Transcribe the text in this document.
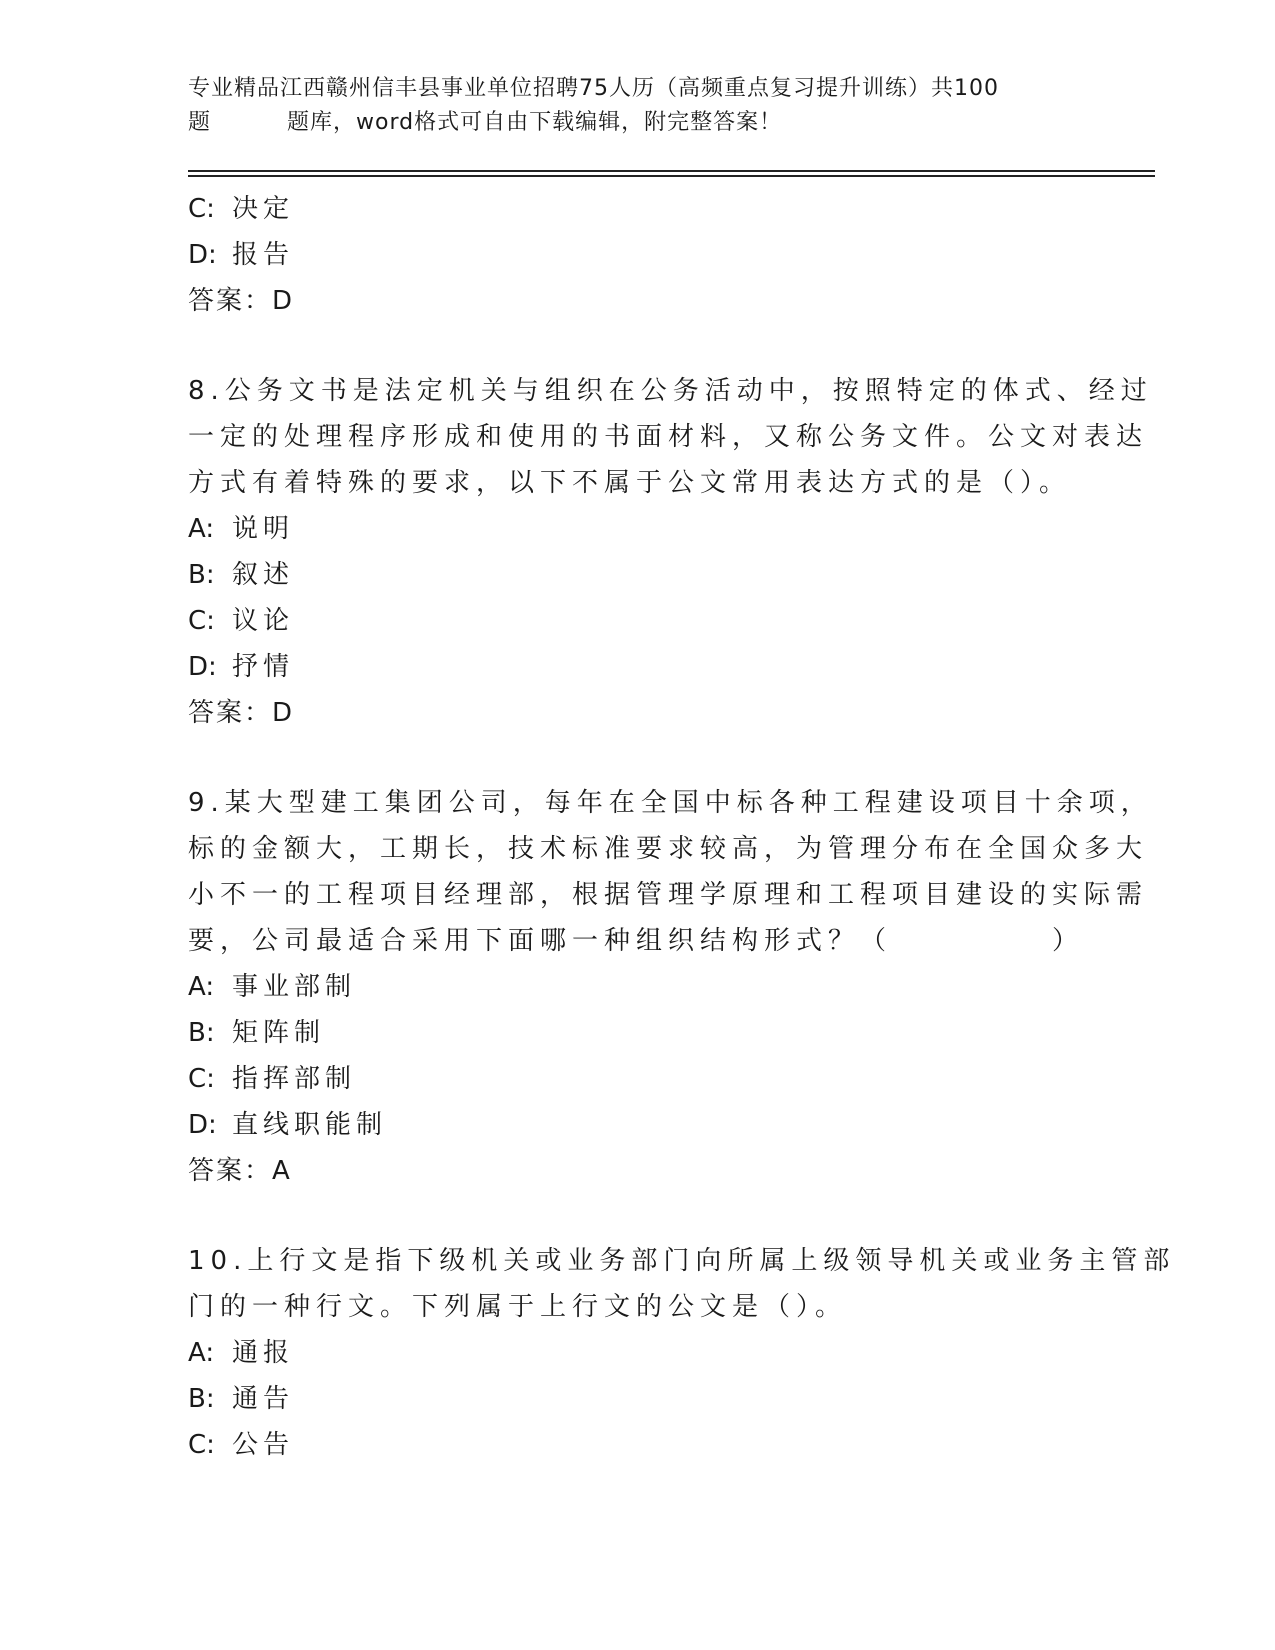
专业精品江西赣州信丰县事业单位招聘75人历（高频重点复习提升训练）共100
题	题库，word格式可自由下载编辑，附完整答案！
C: 决定
D: 报告
答案：D
8.公务文书是法定机关与组织在公务活动中，按照特定的体式、经过
一定的处理程序形成和使用的书面材料，又称公务文件。公文对表达
方式有着特殊的要求，以下不属于公文常用表达方式的是（）。
A: 说明
B: 叙述
C: 议论
D: 抒情
答案：D
9.某大型建工集团公司，每年在全国中标各种工程建设项目十余项，
标的金额大，工期长，技术标准要求较高，为管理分布在全国众多大
小不一的工程项目经理部，根据管理学原理和工程项目建设的实际需
要，公司最适合采用下面哪一种组织结构形式？（　　　　　）
A: 事业部制
B: 矩阵制
C: 指挥部制
D: 直线职能制
答案：A
10.上行文是指下级机关或业务部门向所属上级领导机关或业务主管部
门的一种行文。下列属于上行文的公文是（）。
A: 通报
B: 通告
C: 公告
